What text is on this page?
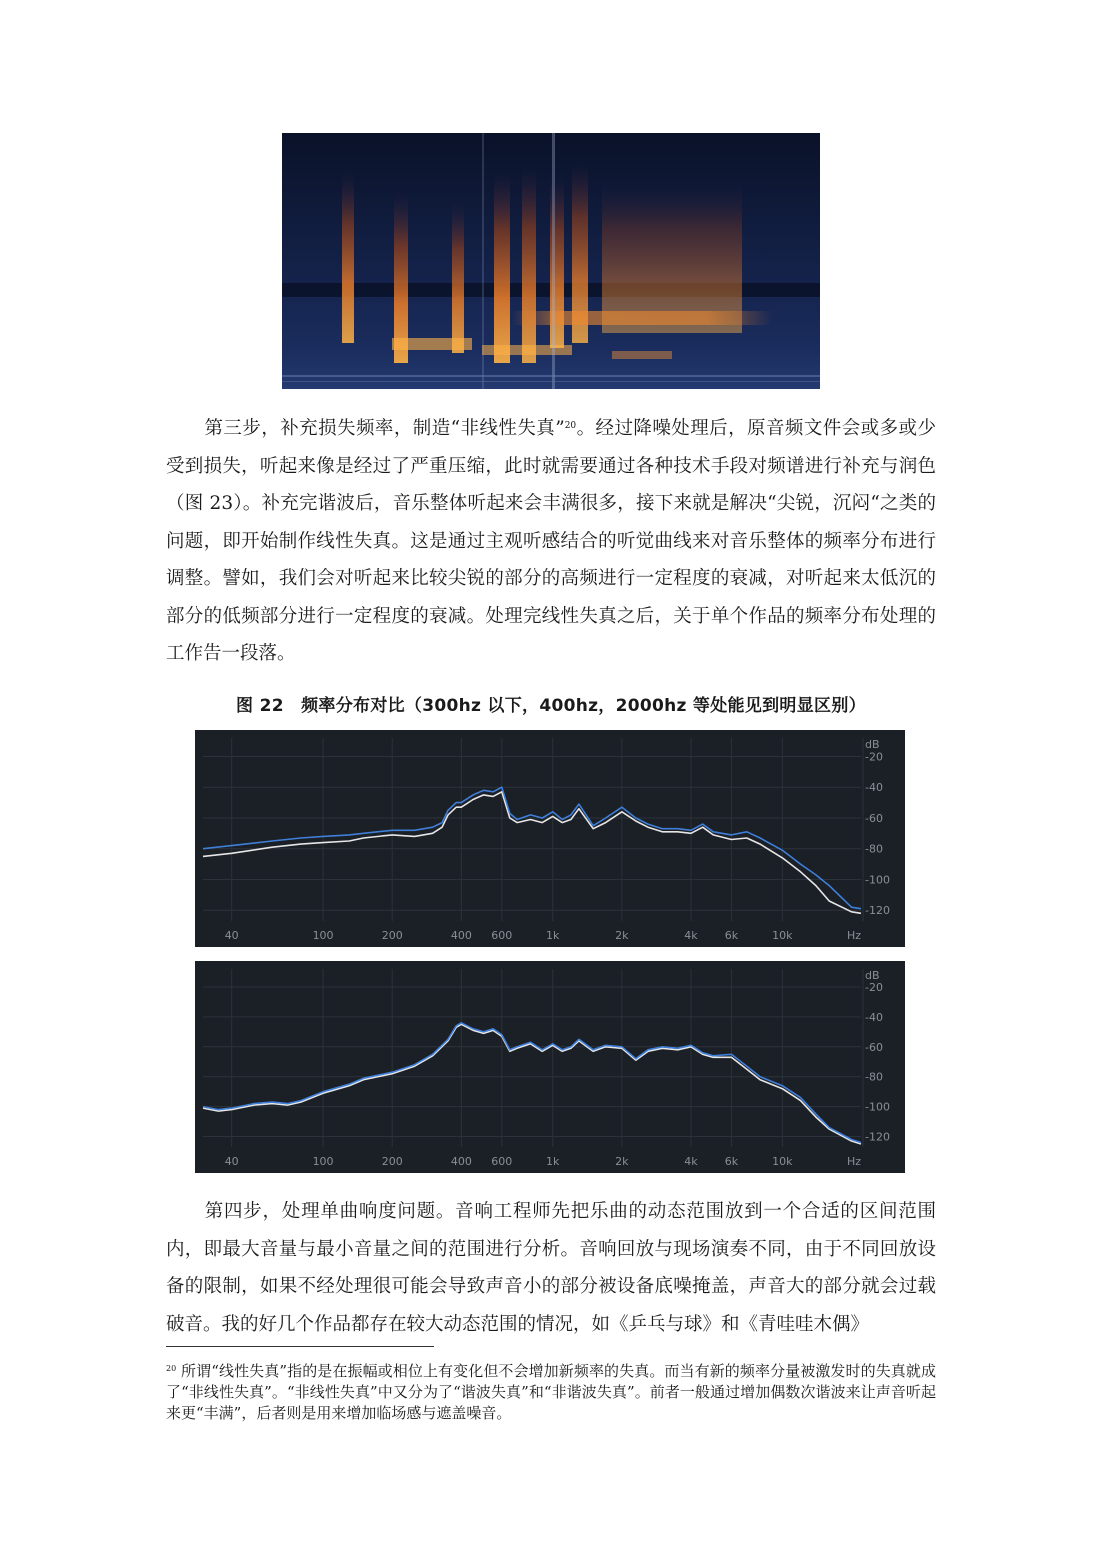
第三步，补充损失频率，制造“非线性失真”$^{20}$。经过降噪处理后，原音频文件会或多或少受到损失，听起来像是经过了严重压缩，此时就需要通过各种技术手段对频谱进行补充与润色（图 23）。补充完谐波后，音乐整体听起来会丰满很多，接下来就是解决“尖锐，沉闷“之类的问题，即开始制作线性失真。这是通过主观听感结合的听觉曲线来对音乐整体的频率分布进行调整。譬如，我们会对听起来比较尖锐的部分的高频进行一定程度的衰减，对听起来太低沉的部分的低频部分进行一定程度的衰减。处理完线性失真之后，关于单个作品的频率分布处理的工作告一段落。

图 22　频率分布对比（300hz 以下，400hz，2000hz 等处能见到明显区别）
40	100	200	400 600	1k	2k	4k 6k	10k	Hz
-20
-40
-60
-80
-100
-120
dB
40	100	200	400 600	1k	2k	4k 6k	10k	Hz
-20
-40
-60
-80
-100
-120
dB

第四步，处理单曲响度问题。音响工程师先把乐曲的动态范围放到一个合适的区间范围内，即最大音量与最小音量之间的范围进行分析。音响回放与现场演奏不同，由于不同回放设备的限制，如果不经处理很可能会导致声音小的部分被设备底噪掩盖，声音大的部分就会过载破音。我的好几个作品都存在较大动态范围的情况，如《乒乓与球》和《青哇哇木偶》

$^{20}$ 所谓“线性失真”指的是在振幅或相位上有变化但不会增加新频率的失真。而当有新的频率分量被激发时的失真就成了“非线性失真”。“非线性失真”中又分为了“谐波失真”和“非谐波失真”。前者一般通过增加偶数次谐波来让声音听起来更“丰满”，后者则是用来增加临场感与遮盖噪音。
